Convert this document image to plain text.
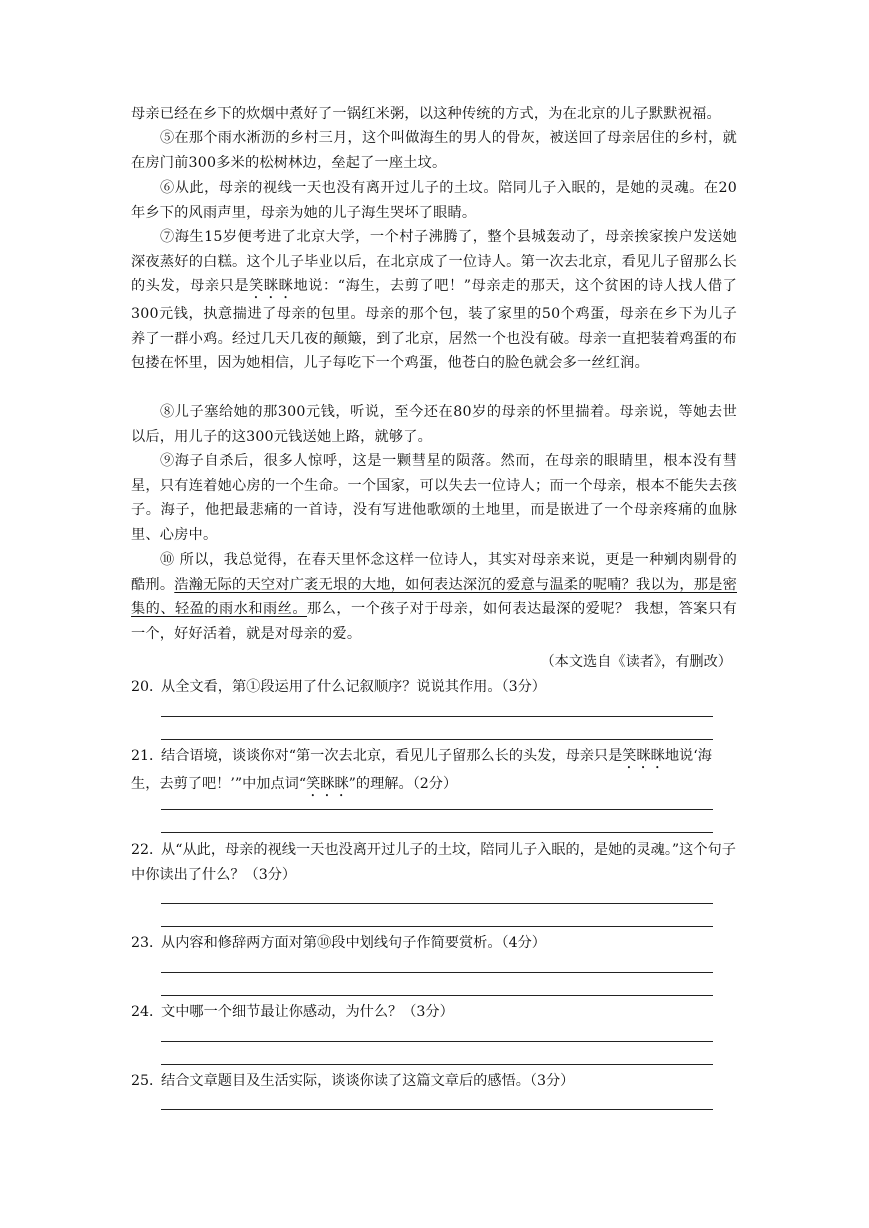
母亲已经在乡下的炊烟中煮好了一锅红米粥，以这种传统的方式，为在北京的儿子默默祝福。
⑤在那个雨水淅沥的乡村三月，这个叫做海生的男人的骨灰，被送回了母亲居住的乡村，就在房门前300多米的松树林边，垒起了一座土坟。
⑥从此，母亲的视线一天也没有离开过儿子的土坟。陪同儿子入眠的，是她的灵魂。在20年乡下的风雨声里，母亲为她的儿子海生哭坏了眼睛。
⑦海生15岁便考进了北京大学，一个村子沸腾了，整个县城轰动了，母亲挨家挨户发送她深夜蒸好的白糕。这个儿子毕业以后，在北京成了一位诗人。第一次去北京，看见儿子留那么长的头发，母亲只是笑眯眯地说：“海生，去剪了吧！”母亲走的那天，这个贫困的诗人找人借了300元钱，执意揣进了母亲的包里。母亲的那个包，装了家里的50个鸡蛋，母亲在乡下为儿子养了一群小鸡。经过几天几夜的颠簸，到了北京，居然一个也没有破。母亲一直把装着鸡蛋的布包搂在怀里，因为她相信，儿子每吃下一个鸡蛋，他苍白的脸色就会多一丝红润。
⑧儿子塞给她的那300元钱，听说，至今还在80岁的母亲的怀里揣着。母亲说，等她去世以后，用儿子的这300元钱送她上路，就够了。
⑨海子自杀后，很多人惊呼，这是一颗彗星的陨落。然而，在母亲的眼睛里，根本没有彗星，只有连着她心房的一个生命。一个国家，可以失去一位诗人；而一个母亲，根本不能失去孩子。海子，他把最悲痛的一首诗，没有写进他歌颂的土地里，而是嵌进了一个母亲疼痛的血脉里、心房中。
⑩ 所以，我总觉得，在春天里怀念这样一位诗人，其实对母亲来说，更是一种剜肉剔骨的酷刑。浩瀚无际的天空对广袤无垠的大地，如何表达深沉的爱意与温柔的呢喃？我以为，那是密集的、轻盈的雨水和雨丝。那么，一个孩子对于母亲，如何表达最深的爱呢？ 我想，答案只有一个，好好活着，就是对母亲的爱。
（本文选自《读者》，有删改）
20．从全文看，第①段运用了什么记叙顺序？说说其作用。（3分）
21．结合语境，谈谈你对“第一次去北京，看见儿子留那么长的头发，母亲只是笑眯眯地说‘海生，去剪了吧！’”中加点词“笑眯眯”的理解。（2分）
22．从“从此，母亲的视线一天也没离开过儿子的土坟，陪同儿子入眠的，是她的灵魂。”这个句子中你读出了什么？（3分）
23．从内容和修辞两方面对第⑩段中划线句子作简要赏析。（4分）
24．文中哪一个细节最让你感动，为什么？（3分）
25．结合文章题目及生活实际，谈谈你读了这篇文章后的感悟。（3分）
